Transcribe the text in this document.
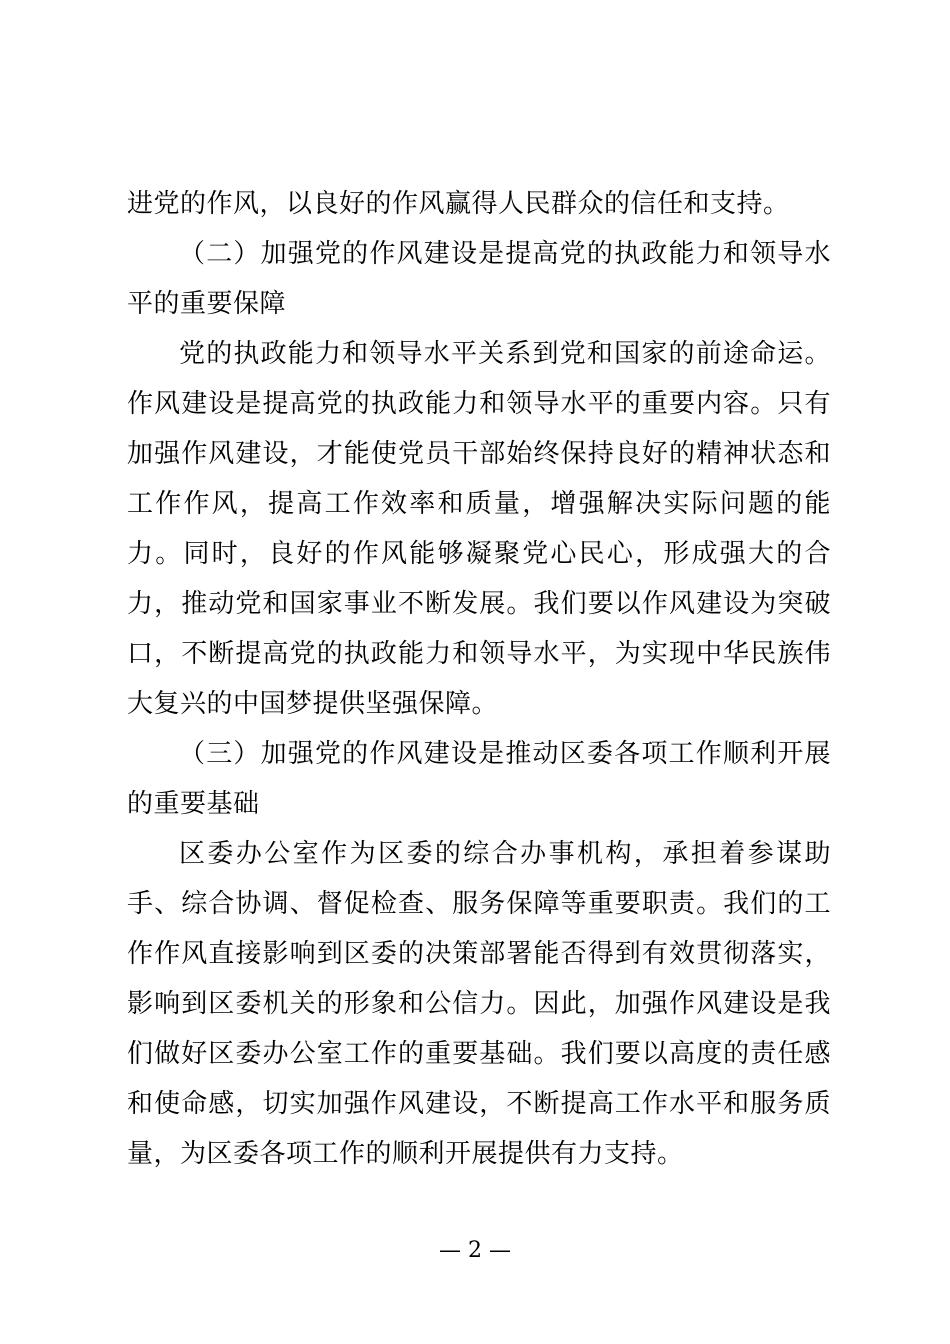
进党的作风，以良好的作风赢得人民群众的信任和支持。

（二）加强党的作风建设是提高党的执政能力和领导水平的重要保障

党的执政能力和领导水平关系到党和国家的前途命运。作风建设是提高党的执政能力和领导水平的重要内容。只有加强作风建设，才能使党员干部始终保持良好的精神状态和工作作风，提高工作效率和质量，增强解决实际问题的能力。同时，良好的作风能够凝聚党心民心，形成强大的合力，推动党和国家事业不断发展。我们要以作风建设为突破口，不断提高党的执政能力和领导水平，为实现中华民族伟大复兴的中国梦提供坚强保障。

（三）加强党的作风建设是推动区委各项工作顺利开展的重要基础

区委办公室作为区委的综合办事机构，承担着参谋助手、综合协调、督促检查、服务保障等重要职责。我们的工作作风直接影响到区委的决策部署能否得到有效贯彻落实，影响到区委机关的形象和公信力。因此，加强作风建设是我们做好区委办公室工作的重要基础。我们要以高度的责任感和使命感，切实加强作风建设，不断提高工作水平和服务质量，为区委各项工作的顺利开展提供有力支持。

— 2 —
